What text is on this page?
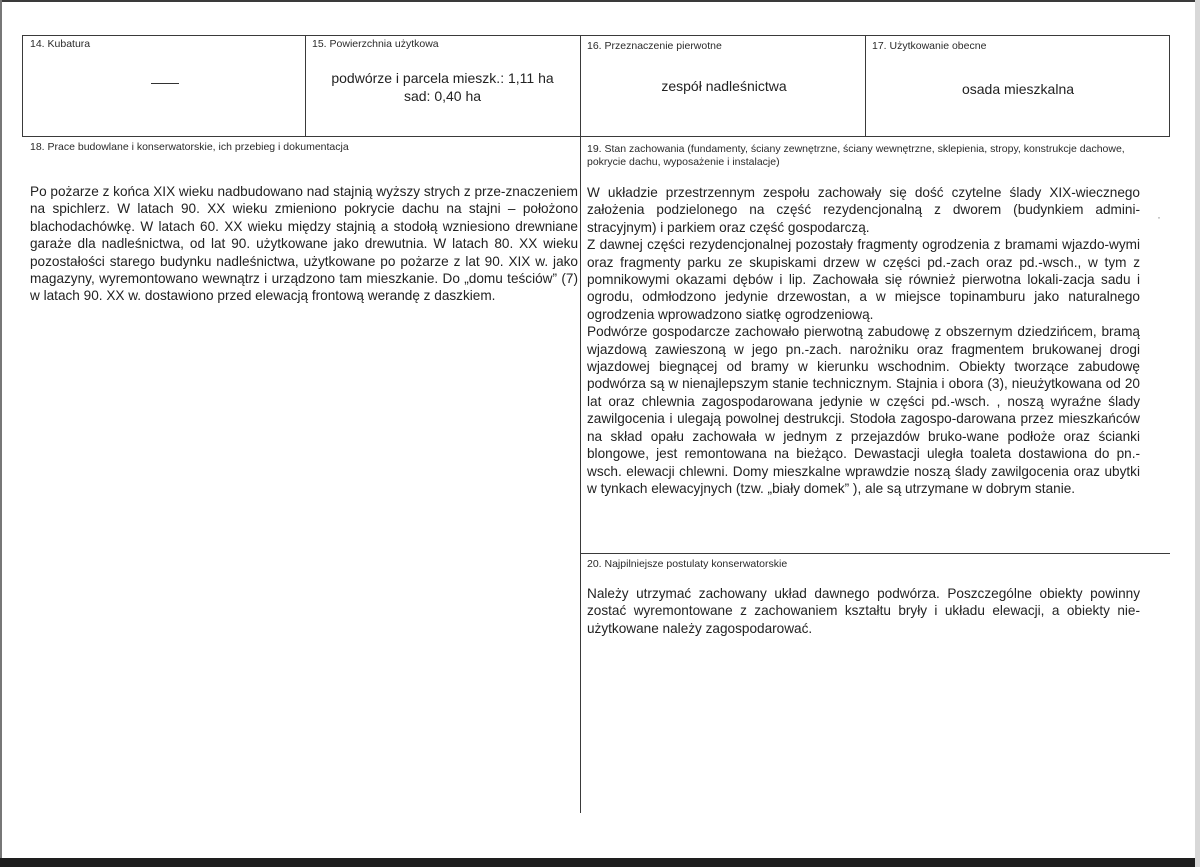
14. Kubatura
——
15. Powierzchnia użytkowa
podwórze i parcela mieszk.: 1,11 ha
sad: 0,40 ha
16. Przeznaczenie pierwotne
zespół nadleśnictwa
17. Użytkowanie obecne
osada mieszkalna
18. Prace budowlane i konserwatorskie, ich przebieg i dokumentacja
Po pożarze z końca XIX wieku nadbudowano nad stajnią wyższy strych z prze-znaczeniem na spichlerz. W latach 90. XX wieku zmieniono pokrycie dachu na stajni – położono blachodachówkę. W latach 60. XX wieku między stajnią a stodołą wzniesiono drewniane garaże dla nadleśnictwa, od lat 90. użytkowane jako drewutnia. W latach 80. XX wieku pozostałości starego budynku nadleśnictwa, użytkowane po pożarze z lat 90. XIX w. jako magazyny, wyremontowano wewnątrz i urządzono tam mieszkanie. Do „domu teściów” (7) w latach 90. XX w. dostawiono przed elewacją frontową werandę z daszkiem.
19. Stan zachowania (fundamenty, ściany zewnętrzne, ściany wewnętrzne, sklepienia, stropy, konstrukcje dachowe, pokrycie dachu, wyposażenie i instalacje)
W układzie przestrzennym zespołu zachowały się dość czytelne ślady XIX-wiecznego założenia podzielonego na część rezydencjonalną z dworem (budynkiem admini-stracyjnym) i parkiem oraz część gospodarczą.
Z dawnej części rezydencjonalnej pozostały fragmenty ogrodzenia z bramami wjazdo-wymi oraz fragmenty parku ze skupiskami drzew w części pd.-zach oraz pd.-wsch., w tym z pomnikowymi okazami dębów i lip. Zachowała się również pierwotna lokali-zacja sadu i ogrodu, odmłodzono jedynie drzewostan, a w miejsce topinamburu jako naturalnego ogrodzenia wprowadzono siatkę ogrodzeniową.
Podwórze gospodarcze zachowało pierwotną zabudowę z obszernym dziedzińcem, bramą wjazdową zawieszoną w jego pn.-zach. narożniku oraz fragmentem brukowanej drogi wjazdowej biegnącej od bramy w kierunku wschodnim. Obiekty tworzące zabudowę podwórza są w nienajlepszym stanie technicznym. Stajnia i obora (3), nieużytkowana od 20 lat oraz chlewnia zagospodarowana jedynie w części pd.-wsch. , noszą wyraźne ślady zawilgocenia i ulegają powolnej destrukcji. Stodoła zagospo-darowana przez mieszkańców na skład opału zachowała w jednym z przejazdów bruko-wane podłoże oraz ścianki blongowe, jest remontowana na bieżąco. Dewastacji uległa toaleta dostawiona do pn.-wsch. elewacji chlewni. Domy mieszkalne wprawdzie noszą ślady zawilgocenia oraz ubytki w tynkach elewacyjnych (tzw. „biały domek” ), ale są utrzymane w dobrym stanie.
·
20. Najpilniejsze postulaty konserwatorskie
Należy utrzymać zachowany układ dawnego podwórza. Poszczególne obiekty powinny zostać wyremontowane z zachowaniem kształtu bryły i układu elewacji, a obiekty nie-użytkowane należy zagospodarować.
